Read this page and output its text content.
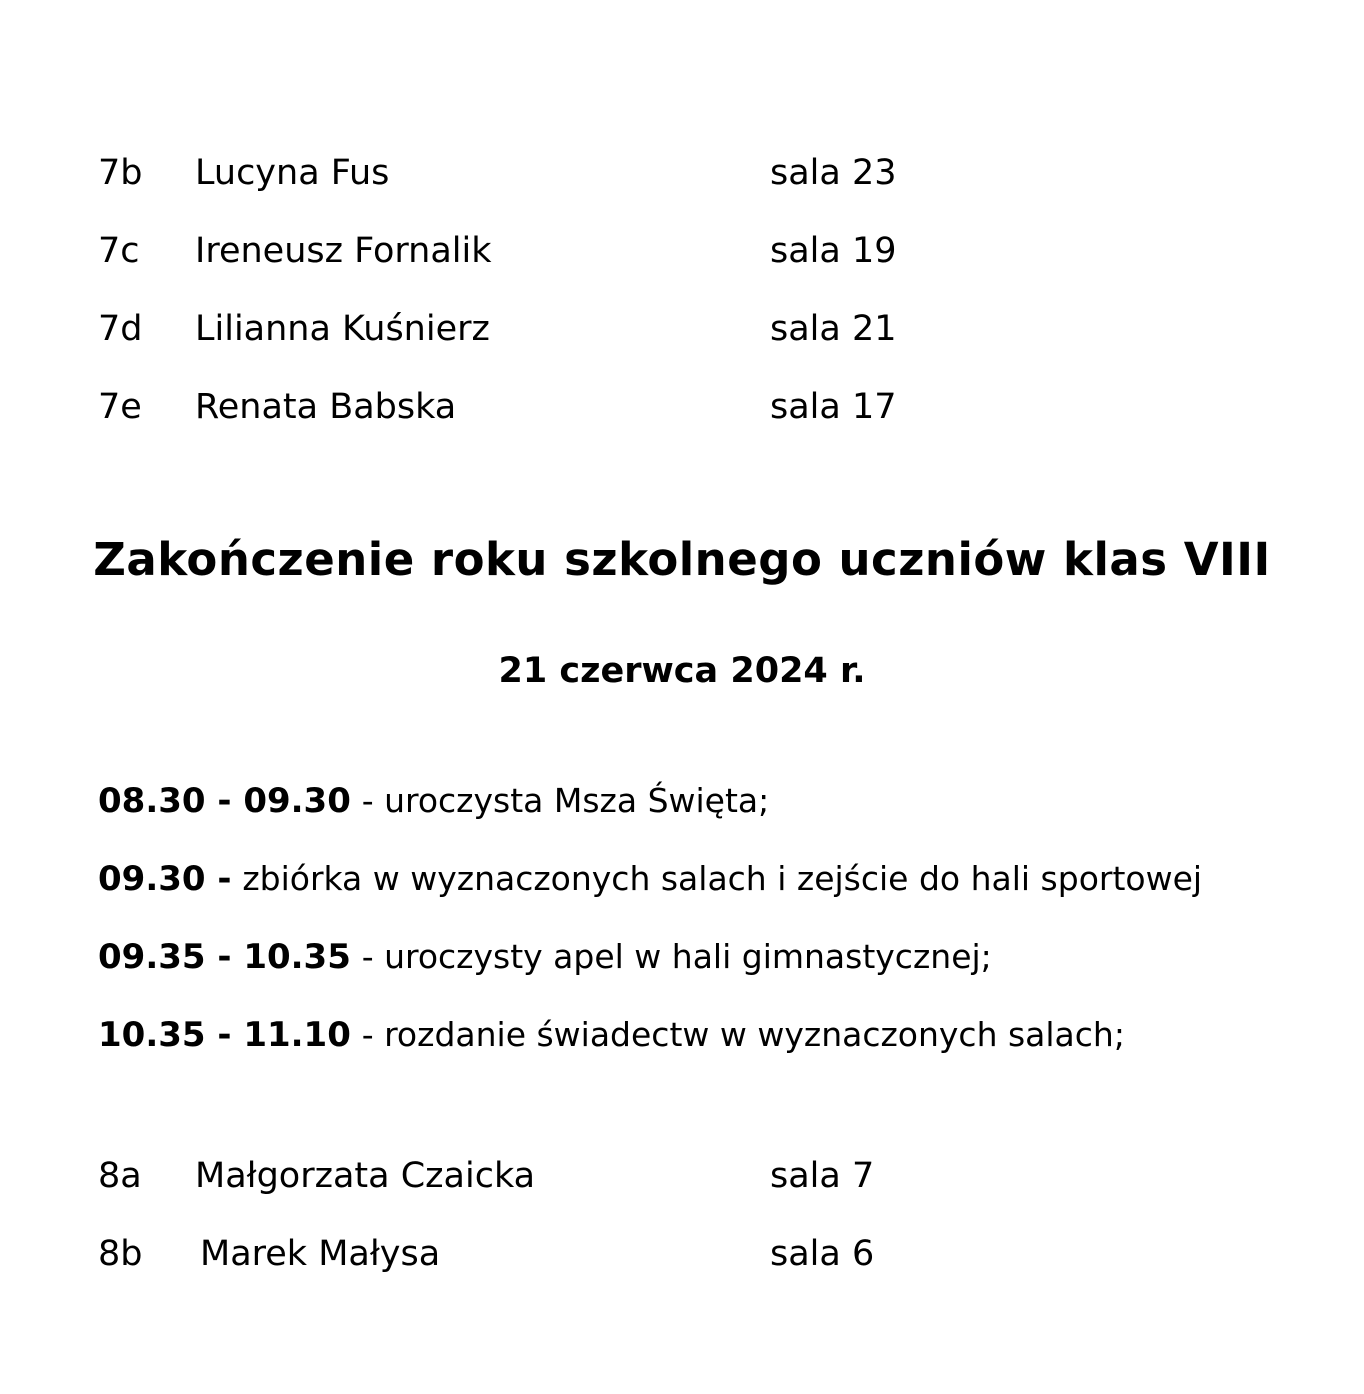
7b Lucyna Fus	sala 23
7c Ireneusz Fornalik	sala 19
7d Lilianna Kuśnierz	sala 21
7e Renata Babska	sala 17
Zakończenie roku szkolnego uczniów klas VIII
21 czerwca 2024 r.
08.30 - 09.30 - uroczysta Msza Święta;
09.30 - zbiórka w wyznaczonych salach i zejście do hali sportowej
09.35 - 10.35 - uroczysty apel w hali gimnastycznej;
10.35 - 11.10 - rozdanie świadectw w wyznaczonych salach;
8a Małgorzata Czaicka	sala 7
8b Marek Małysa	sala 6
